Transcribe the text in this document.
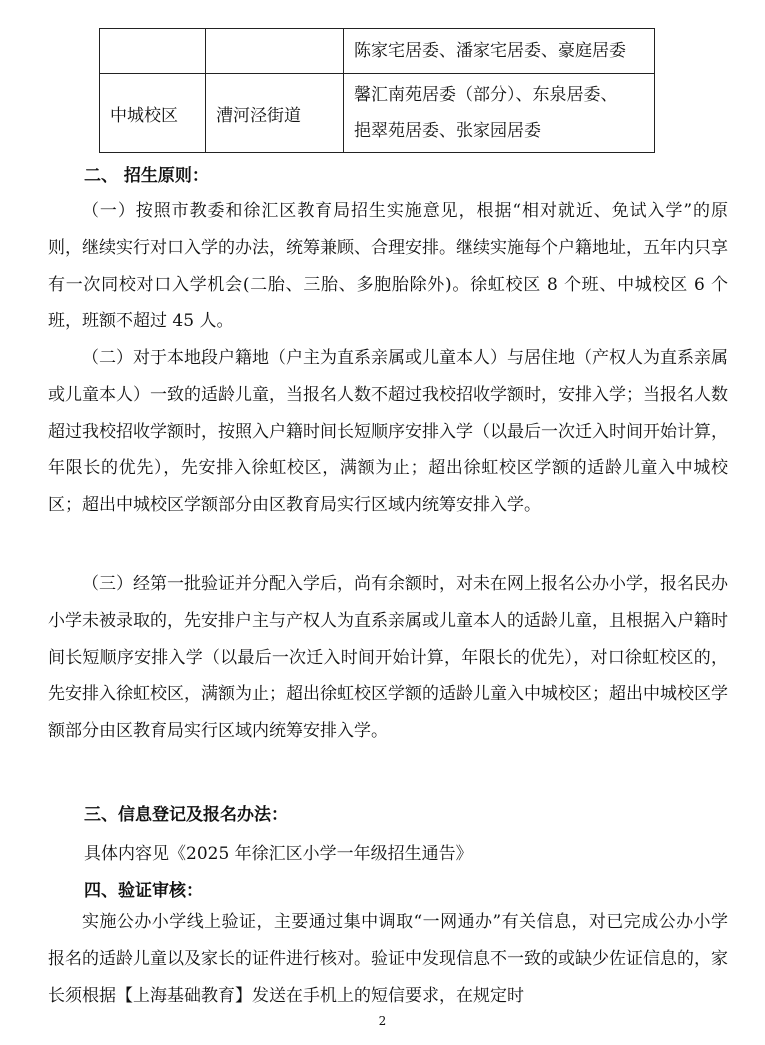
		陈家宅居委、潘家宅居委、豪庭居委

中城校区	漕河泾街道	馨汇南苑居委（部分）、东泉居委、
挹翠苑居委、张家园居委
二、 招生原则：

（一）按照市教委和徐汇区教育局招生实施意见，根据“相对就近、免试入学”的原则，继续实行对口入学的办法，统筹兼顾、合理安排。继续实施每个户籍地址，五年内只享有一次同校对口入学机会(二胎、三胎、多胞胎除外)。徐虹校区 8 个班、中城校区 6 个班，班额不超过 45 人。

（二）对于本地段户籍地（户主为直系亲属或儿童本人）与居住地（产权人为直系亲属或儿童本人）一致的适龄儿童，当报名人数不超过我校招收学额时，安排入学；当报名人数超过我校招收学额时，按照入户籍时间长短顺序安排入学（以最后一次迁入时间开始计算，年限长的优先），先安排入徐虹校区，满额为止；超出徐虹校区学额的适龄儿童入中城校区；超出中城校区学额部分由区教育局实行区域内统筹安排入学。

（三）经第一批验证并分配入学后，尚有余额时，对未在网上报名公办小学，报名民办小学未被录取的，先安排户主与产权人为直系亲属或儿童本人的适龄儿童，且根据入户籍时间长短顺序安排入学（以最后一次迁入时间开始计算，年限长的优先），对口徐虹校区的，先安排入徐虹校区，满额为止；超出徐虹校区学额的适龄儿童入中城校区；超出中城校区学额部分由区教育局实行区域内统筹安排入学。

三、信息登记及报名办法：
具体内容见《2025 年徐汇区小学一年级招生通告》
四、验证审核：

实施公办小学线上验证，主要通过集中调取“一网通办”有关信息，对已完成公办小学报名的适龄儿童以及家长的证件进行核对。验证中发现信息不一致的或缺少佐证信息的，家长须根据【上海基础教育】发送在手机上的短信要求，在规定时

2
